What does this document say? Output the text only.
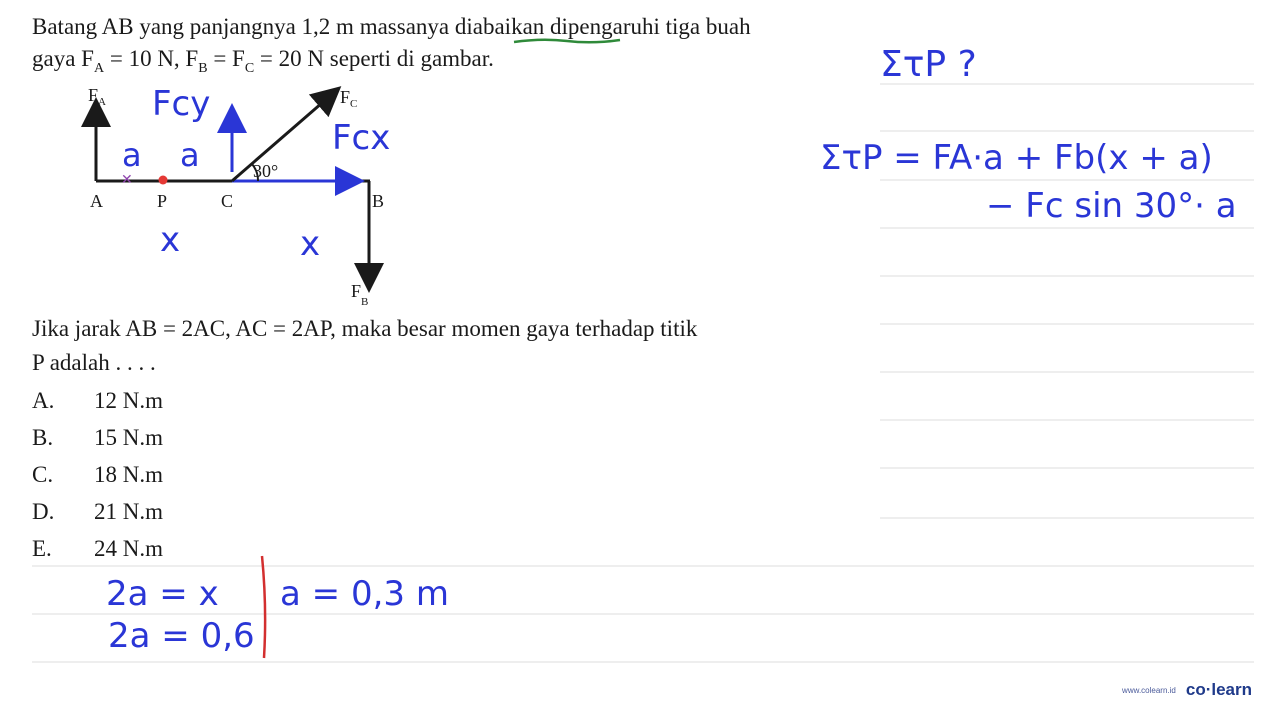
Batang AB yang panjangnya 1,2 m massanya diabaikan dipengaruhi tiga buah
gaya $F_A = 10$ N, $F_B = F_C = 20$ N seperti di gambar.
✕
$F_A$	$F_C$
$F_B$
A	P	C	B
30°
Fcy
Fcx
a a
x	x
Jika jarak AB = 2AC, AC = 2AP, maka besar momen gaya terhadap titik
P adalah . . . .
A. 12 N.m
B. 15 N.m
C. 18 N.m
D. 21 N.m
E. 24 N.m
ΣτP ?
ΣτP = FA·a + Fb(x + a)
− Fc sin 30°· a
2a = x
2a = 0,6
a = 0,3 m
www.colearn.id co·learn
